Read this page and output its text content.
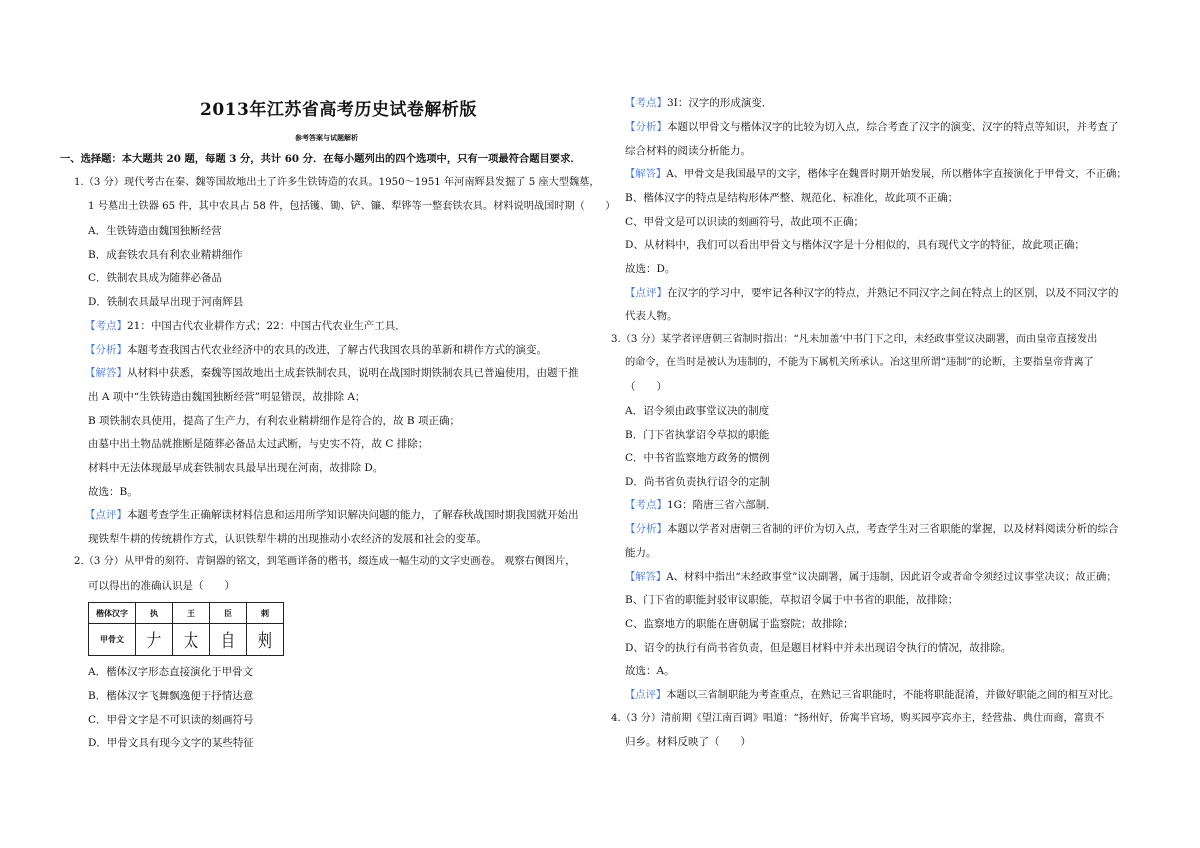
2013年江苏省高考历史试卷解析版
参考答案与试题解析
一、选择题：本大题共 20 题，每题 3 分，共计 60 分．在每小题列出的四个选项中，只有一项最符合题目要求．
1.（3 分）现代考古在秦、魏等国故地出土了许多生铁铸造的农具。1950～1951 年河南辉县发掘了 5 座大型魏墓，
1 号墓出土铁器 65 件，其中农具占 58 件，包括镬、锄、铲、镰、犁铧等一整套铁农具。材料说明战国时期（　　）
A．生铁铸造由魏国独断经营
B．成套铁农具有利农业精耕细作
C．铁制农具成为随葬必备品
D．铁制农具最早出现于河南辉县
【考点】21：中国古代农业耕作方式；22：中国古代农业生产工具．
【分析】本题考查我国古代农业经济中的农具的改进，了解古代我国农具的革新和耕作方式的演变。
【解答】从材料中获悉，秦魏等国故地出土成套铁制农具，说明在战国时期铁制农具已普遍使用，由题干推
出 A 项中“生铁铸造由魏国独断经营”明显错误，故排除 A；
B 项铁制农具使用，提高了生产力，有利农业精耕细作是符合的，故 B 项正确；
由墓中出土物品就推断是随葬必备品太过武断，与史实不符，故 C 排除；
材料中无法体现最早成套铁制农具最早出现在河南，故排除 D。
故选：B。
【点评】本题考查学生正确解读材料信息和运用所学知识解决问题的能力，了解春秋战国时期我国就开始出
现铁犁牛耕的传统耕作方式，认识铁犁牛耕的出现推动小农经济的发展和社会的变革。
2.（3 分）从甲骨的刻符、青铜器的铭文，到笔画详备的楷书，缀连成一幅生动的文字史画卷。 观察右侧图片，
可以得出的准确认识是（　　）
楷体汉字	执	王	臣	剌
甲骨文	𠂇	太	自	㓨
A．楷体汉字形态直接演化于甲骨文
B．楷体汉字飞舞飘逸便于抒情达意
C．甲骨文字是不可识读的刻画符号
D．甲骨文具有现今文字的某些特征
【考点】3I：汉字的形成演变．
【分析】本题以甲骨文与楷体汉字的比较为切入点，综合考查了汉字的演变、汉字的特点等知识，并考查了
综合材料的阅读分析能力。
【解答】A、甲骨文是我国最早的文字，楷体字在魏晋时期开始发展，所以楷体字直接演化于甲骨文，不正确；
B、楷体汉字的特点是结构形体严整、规范化、标准化，故此项不正确；
C、甲骨文是可以识读的刻画符号，故此项不正确；
D、从材料中，我们可以看出甲骨文与楷体汉字是十分相似的，具有现代文字的特征，故此项正确；
故选：D。
【点评】在汉字的学习中，要牢记各种汉字的特点，并熟记不同汉字之间在特点上的区别，以及不同汉字的
代表人物。
3.（3 分）某学者评唐朝三省制时指出：“凡未加盖‘中书门下之印，未经政事堂议决副署，而由皇帝直接发出
的命令，在当时是被认为违制的，不能为下属机关所承认。冶这里所谓“违制”的论断，主要指皇帝背离了
（　　）
A．诏令须由政事堂议决的制度
B．门下省执掌诏令草拟的职能
C．中书省监察地方政务的惯例
D．尚书省负责执行诏令的定制
【考点】1G：隋唐三省六部制．
【分析】本题以学者对唐朝三省制的评价为切入点，考查学生对三省职能的掌握，以及材料阅读分析的综合
能力。
【解答】A、材料中指出“未经政事堂”议决副署，属于违制，因此诏令或者命令须经过议事堂决议；故正确；
B、门下省的职能封驳审议职能，草拟诏令属于中书省的职能，故排除；
C、监察地方的职能在唐朝属于监察院；故排除；
D、诏令的执行有尚书省负责，但是题目材料中并未出现诏令执行的情况，故排除。
故选：A。
【点评】本题以三省制职能为考查重点，在熟记三省职能时，不能将职能混淆，并做好职能之间的相互对比。
4.（3 分）清前期《望江南百调》唱道：“扬州好，侨寓半官场，购买园亭宾亦主，经营盐、典仕而商，富贵不
归乡。材料反映了（　　）
